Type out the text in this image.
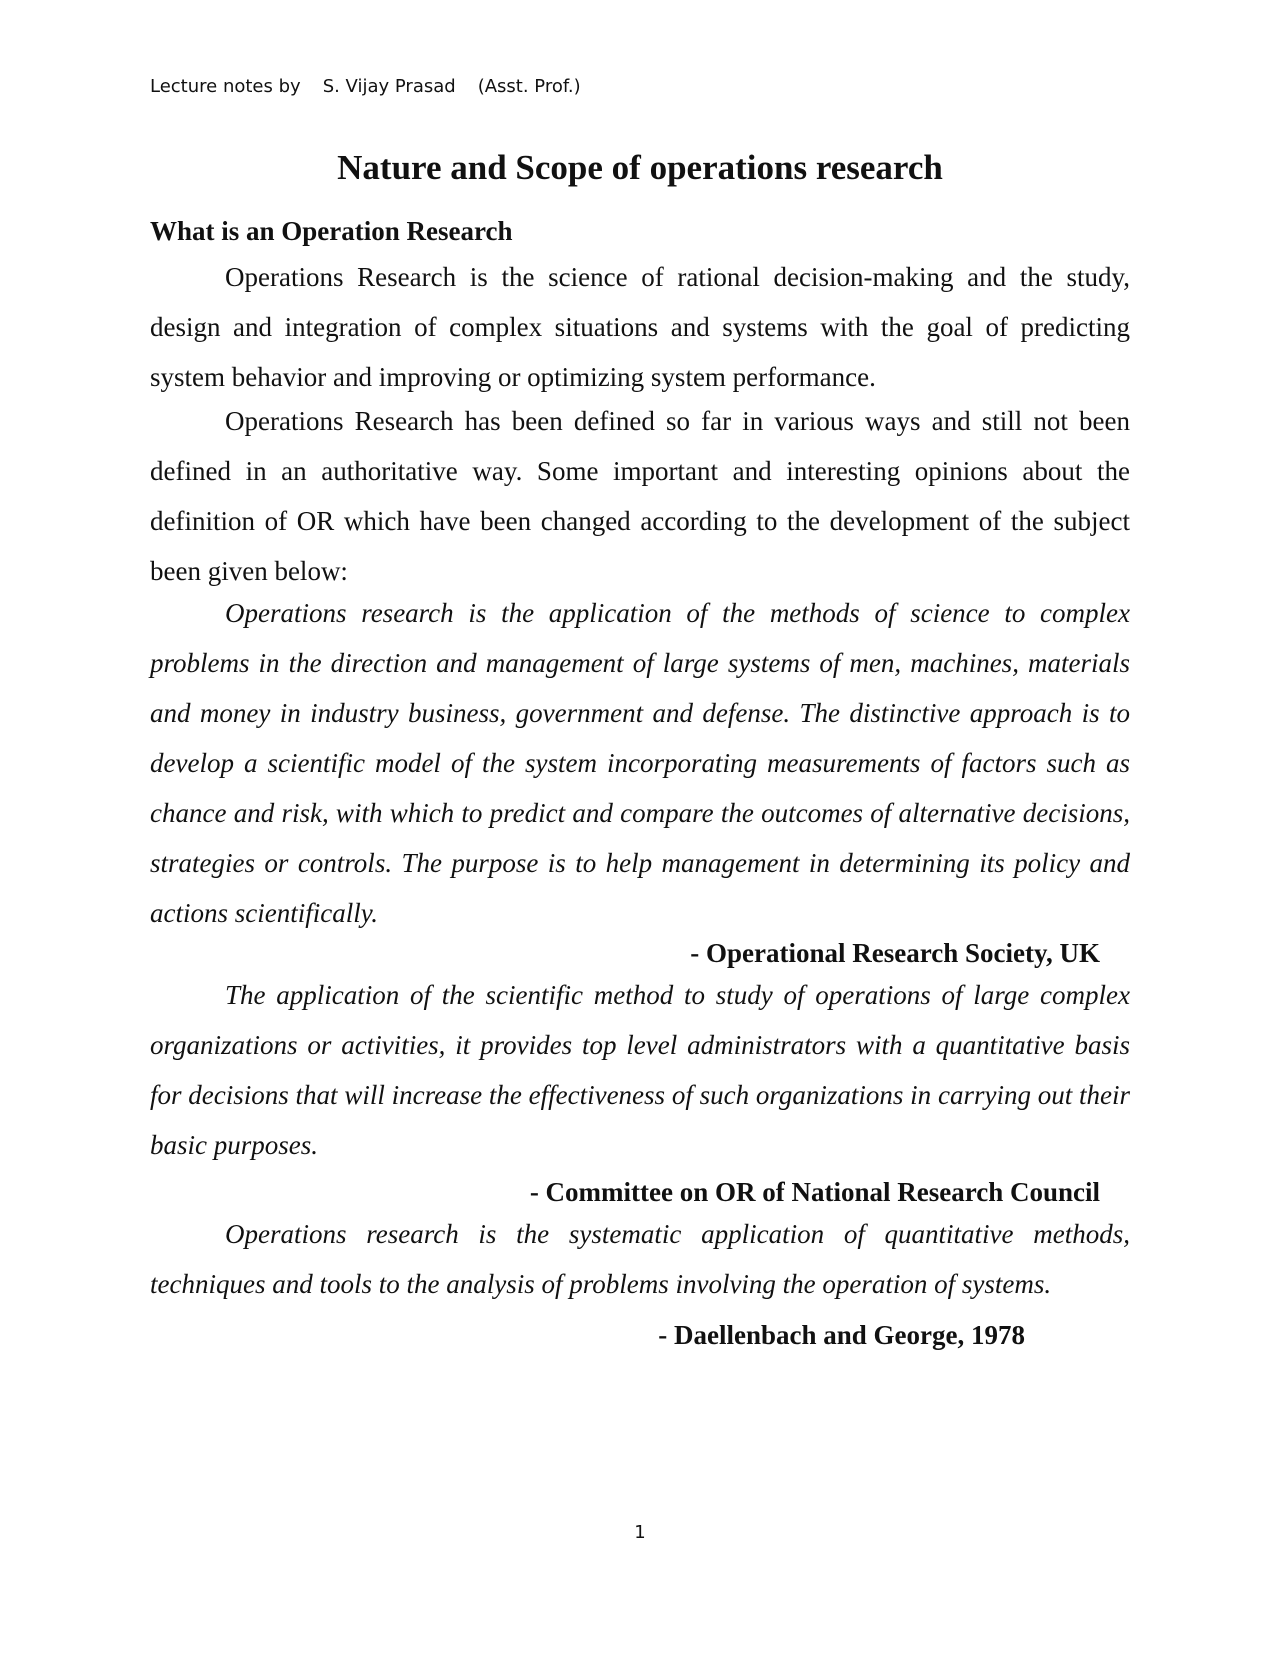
Lecture notes by S. Vijay Prasad (Asst. Prof.)
Nature and Scope of operations research
What is an Operation Research

Operations Research is the science of rational decision-making and the study, design and integration of complex situations and systems with the goal of predicting system behavior and improving or optimizing system performance.

Operations Research has been defined so far in various ways and still not been defined in an authoritative way. Some important and interesting opinions about the definition of OR which have been changed according to the development of the subject been given below:

Operations research is the application of the methods of science to complex problems in the direction and management of large systems of men, machines, materials and money in industry business, government and defense. The distinctive approach is to develop a scientific model of the system incorporating measurements of factors such as chance and risk, with which to predict and compare the outcomes of alternative decisions, strategies or controls. The purpose is to help management in determining its policy and actions scientifically.

- Operational Research Society, UK

The application of the scientific method to study of operations of large complex organizations or activities, it provides top level administrators with a quantitative basis for decisions that will increase the effectiveness of such organizations in carrying out their basic purposes.

- Committee on OR of National Research Council

Operations research is the systematic application of quantitative methods, techniques and tools to the analysis of problems involving the operation of systems.

- Daellenbach and George, 1978
1
